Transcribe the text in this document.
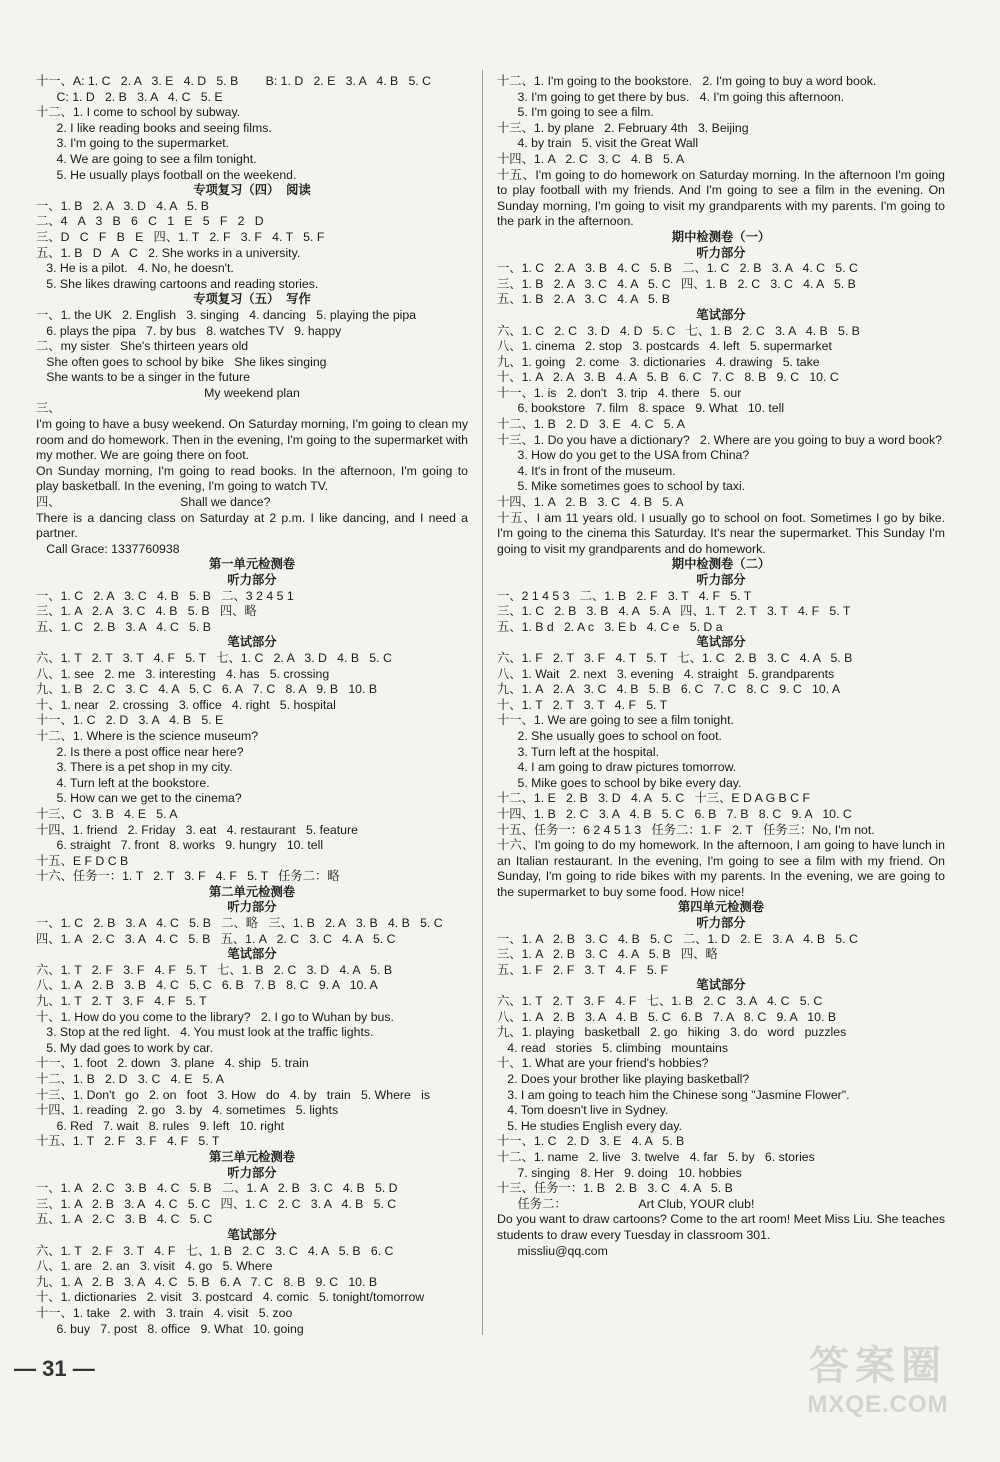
十一、A: 1. C   2. A   3. E   4. D   5. B        B: 1. D   2. E   3. A   4. B   5. C
C: 1. D   2. B   3. A   4. C   5. E
十二、1. I come to school by subway.
2. I like reading books and seeing films.
3. I'm going to the supermarket.
4. We are going to see a film tonight.
5. He usually plays football on the weekend.
专项复习（四）  阅读
一、1. B   2. A   3. D   4. A   5. B
二、4   A   3   B   6   C   1   E   5   F   2   D
三、D   C   F   B   E   四、1. T   2. F   3. F   4. T   5. F
五、1. B   D   A   C   2. She works in a university.
3. He is a pilot.   4. No, he doesn't.
5. She likes drawing cartoons and reading stories.
专项复习（五）  写作
一、1. the UK   2. English   3. singing   4. dancing   5. playing the pipa
6. plays the pipa   7. by bus   8. watches TV   9. happy
二、my sister   She's thirteen years old
She often goes to school by bike   She likes singing
She wants to be a singer in the future
My weekend plan
三、
I'm going to have a busy weekend. On Saturday morning, I'm going to clean my room and do homework. Then in the evening, I'm going to the supermarket with my mother. We are going there on foot.
On Sunday morning, I'm going to read books. In the afternoon, I'm going to play basketball. In the evening, I'm going to watch TV.
四、                                   Shall we dance?
There is a dancing class on Saturday at 2 p.m. I like dancing, and I need a partner.
Call Grace: 1337760938
第一单元检测卷
听力部分
一、1. C   2. A   3. C   4. B   5. B   二、3 2 4 5 1
三、1. A   2. A   3. C   4. B   5. B   四、略
五、1. C   2. B   3. A   4. C   5. B
笔试部分
六、1. T   2. T   3. T   4. F   5. T   七、1. C   2. A   3. D   4. B   5. C
八、1. see   2. me   3. interesting   4. has   5. crossing
九、1. B   2. C   3. C   4. A   5. C   6. A   7. C   8. A   9. B   10. B
十、1. near   2. crossing   3. office   4. right   5. hospital
十一、1. C   2. D   3. A   4. B   5. E
十二、1. Where is the science museum?
2. Is there a post office near here?
3. There is a pet shop in my city.
4. Turn left at the bookstore.
5. How can we get to the cinema?
十三、C   3. B   4. E   5. A
十四、1. friend   2. Friday   3. eat   4. restaurant   5. feature
6. straight   7. front   8. works   9. hungry   10. tell
十五、E F D C B
十六、任务一：1. T   2. T   3. F   4. F   5. T   任务二：略
第二单元检测卷
听力部分
一、1. C   2. B   3. A   4. C   5. B   二、略   三、1. B   2. A   3. B   4. B   5. C
四、1. A   2. C   3. A   4. C   5. B   五、1. A   2. C   3. C   4. A   5. C
笔试部分
六、1. T   2. F   3. F   4. F   5. T   七、1. B   2. C   3. D   4. A   5. B
八、1. A   2. B   3. B   4. C   5. C   6. B   7. B   8. C   9. A   10. A
九、1. T   2. T   3. F   4. F   5. T
十、1. How do you come to the library?   2. I go to Wuhan by bus.
3. Stop at the red light.   4. You must look at the traffic lights.
5. My dad goes to work by car.
十一、1. foot   2. down   3. plane   4. ship   5. train
十二、1. B   2. D   3. C   4. E   5. A
十三、1. Don't   go   2. on   foot   3. How   do   4. by   train   5. Where   is
十四、1. reading   2. go   3. by   4. sometimes   5. lights
6. Red   7. wait   8. rules   9. left   10. right
十五、1. T   2. F   3. F   4. F   5. T
第三单元检测卷
听力部分
一、1. A   2. C   3. B   4. C   5. B   二、1. A   2. B   3. C   4. B   5. D
三、1. A   2. B   3. A   4. C   5. C   四、1. C   2. C   3. A   4. B   5. C
五、1. A   2. C   3. B   4. C   5. C
笔试部分
六、1. T   2. F   3. T   4. F   七、1. B   2. C   3. C   4. A   5. B   6. C
八、1. are   2. an   3. visit   4. go   5. Where
九、1. A   2. B   3. A   4. C   5. B   6. A   7. C   8. B   9. C   10. B
十、1. dictionaries   2. visit   3. postcard   4. comic   5. tonight/tomorrow
十一、1. take   2. with   3. train   4. visit   5. zoo
6. buy   7. post   8. office   9. What   10. going
十二、1. I'm going to the bookstore.   2. I'm going to buy a word book.
3. I'm going to get there by bus.   4. I'm going this afternoon.
5. I'm going to see a film.
十三、1. by plane   2. February 4th   3. Beijing
4. by train   5. visit the Great Wall
十四、1. A   2. C   3. C   4. B   5. A
十五、I'm going to do homework on Saturday morning. In the afternoon I'm going to play football with my friends. And I'm going to see a film in the evening. On Sunday morning, I'm going to visit my grandparents with my parents. I'm going to the park in the afternoon.
期中检测卷（一）
听力部分
一、1. C   2. A   3. B   4. C   5. B   二、1. C   2. B   3. A   4. C   5. C
三、1. B   2. A   3. C   4. A   5. C   四、1. B   2. C   3. C   4. A   5. B
五、1. B   2. A   3. C   4. A   5. B
笔试部分
六、1. C   2. C   3. D   4. D   5. C   七、1. B   2. C   3. A   4. B   5. B
八、1. cinema   2. stop   3. postcards   4. left   5. supermarket
九、1. going   2. come   3. dictionaries   4. drawing   5. take
十、1. A   2. A   3. B   4. A   5. B   6. C   7. C   8. B   9. C   10. C
十一、1. is   2. don't   3. trip   4. there   5. our
6. bookstore   7. film   8. space   9. What   10. tell
十二、1. B   2. D   3. E   4. C   5. A
十三、1. Do you have a dictionary?   2. Where are you going to buy a word book?
3. How do you get to the USA from China?
4. It's in front of the museum.
5. Mike sometimes goes to school by taxi.
十四、1. A   2. B   3. C   4. B   5. A
十五、I am 11 years old. I usually go to school on foot. Sometimes I go by bike. I'm going to the cinema this Saturday. It's near the supermarket. This Sunday I'm going to visit my grandparents and do homework.
期中检测卷（二）
听力部分
一、2 1 4 5 3   二、1. B   2. F   3. T   4. F   5. T
三、1. C   2. B   3. B   4. A   5. A   四、1. T   2. T   3. T   4. F   5. T
五、1. B d   2. A c   3. E b   4. C e   5. D a
笔试部分
六、1. F   2. T   3. F   4. T   5. T   七、1. C   2. B   3. C   4. A   5. B
八、1. Wait   2. next   3. evening   4. straight   5. grandparents
九、1. A   2. A   3. C   4. B   5. B   6. C   7. C   8. C   9. C   10. A
十、1. T   2. T   3. T   4. F   5. T
十一、1. We are going to see a film tonight.
2. She usually goes to school on foot.
3. Turn left at the hospital.
4. I am going to draw pictures tomorrow.
5. Mike goes to school by bike every day.
十二、1. E   2. B   3. D   4. A   5. C   十三、E D A G B C F
十四、1. B   2. C   3. A   4. B   5. C   6. B   7. B   8. C   9. A   10. C
十五、任务一：6 2 4 5 1 3   任务二：1. F   2. T   任务三：No, I'm not.
十六、I'm going to do my homework. In the afternoon, I am going to have lunch in an Italian restaurant. In the evening, I'm going to see a film with my friend. On Sunday, I'm going to ride bikes with my parents. In the evening, we are going to the supermarket to buy some food. How nice!
第四单元检测卷
听力部分
一、1. A   2. B   3. C   4. B   5. C   二、1. D   2. E   3. A   4. B   5. C
三、1. A   2. B   3. C   4. A   5. B   四、略
五、1. F   2. F   3. T   4. F   5. F
笔试部分
六、1. T   2. T   3. F   4. F   七、1. B   2. C   3. A   4. C   5. C
八、1. A   2. B   3. A   4. B   5. C   6. B   7. A   8. C   9. A   10. B
九、1. playing   basketball   2. go   hiking   3. do   word   puzzles
4. read   stories   5. climbing   mountains
十、1. What are your friend's hobbies?
2. Does your brother like playing basketball?
3. I am going to teach him the Chinese song "Jasmine Flower".
4. Tom doesn't live in Sydney.
5. He studies English every day.
十一、1. C   2. D   3. E   4. A   5. B
十二、1. name   2. live   3. twelve   4. far   5. by   6. stories
7. singing   8. Her   9. doing   10. hobbies
十三、任务一：1. B   2. B   3. C   4. A   5. B
任务二：                     Art Club, YOUR club!
Do you want to draw cartoons? Come to the art room! Meet Miss Liu. She teaches students to draw every Tuesday in classroom 301.
missliu@qq.com
— 31 —	答案圈
MXQE.COM
